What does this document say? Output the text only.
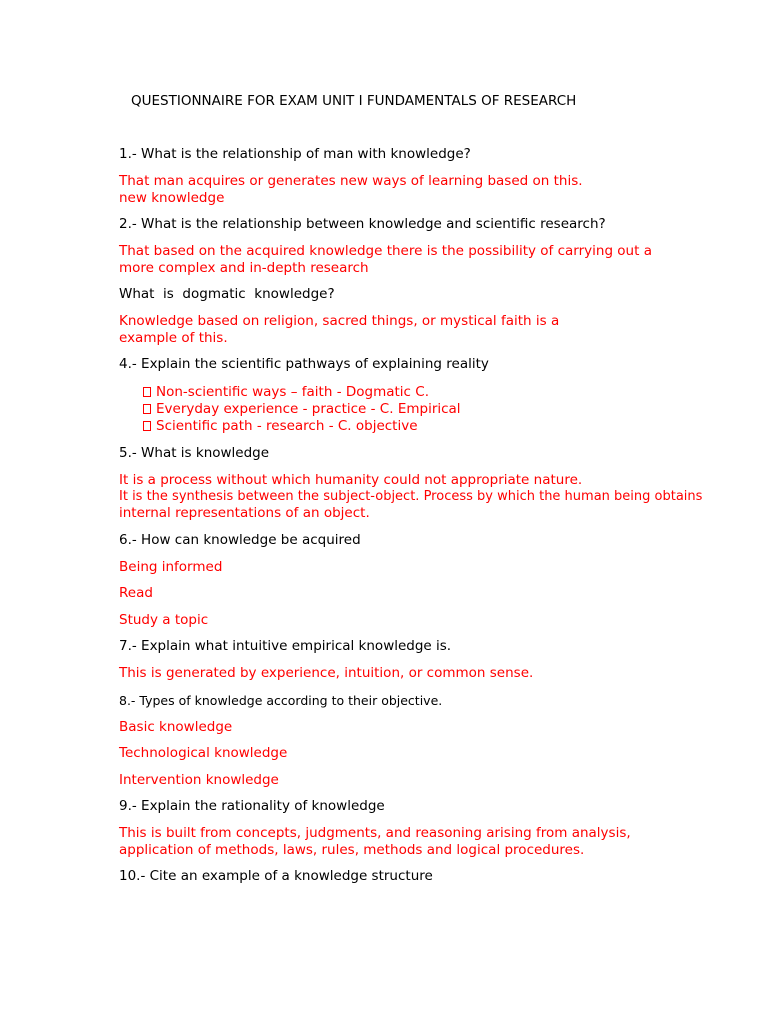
QUESTIONNAIRE FOR EXAM UNIT I FUNDAMENTALS OF RESEARCH

1.- What is the relationship of man with knowledge?

That man acquires or generates new ways of learning based on this.

new knowledge

2.- What is the relationship between knowledge and scientific research?

That based on the acquired knowledge there is the possibility of carrying out a

more complex and in-depth research

What  is  dogmatic  knowledge?

Knowledge based on religion, sacred things, or mystical faith is a

example of this.

4.- Explain the scientific pathways of explaining reality

Non-scientific ways – faith - Dogmatic C.
Everyday experience - practice - C. Empirical
Scientific path - research - C. objective

5.- What is knowledge

It is a process without which humanity could not appropriate nature.

It is the synthesis between the subject-object. Process by which the human being obtains

internal representations of an object.

6.- How can knowledge be acquired

Being informed

Read

Study a topic

7.- Explain what intuitive empirical knowledge is.

This is generated by experience, intuition, or common sense.

8.- Types of knowledge according to their objective.

Basic knowledge

Technological knowledge

Intervention knowledge

9.- Explain the rationality of knowledge

This is built from concepts, judgments, and reasoning arising from analysis,

application of methods, laws, rules, methods and logical procedures.

10.- Cite an example of a knowledge structure
